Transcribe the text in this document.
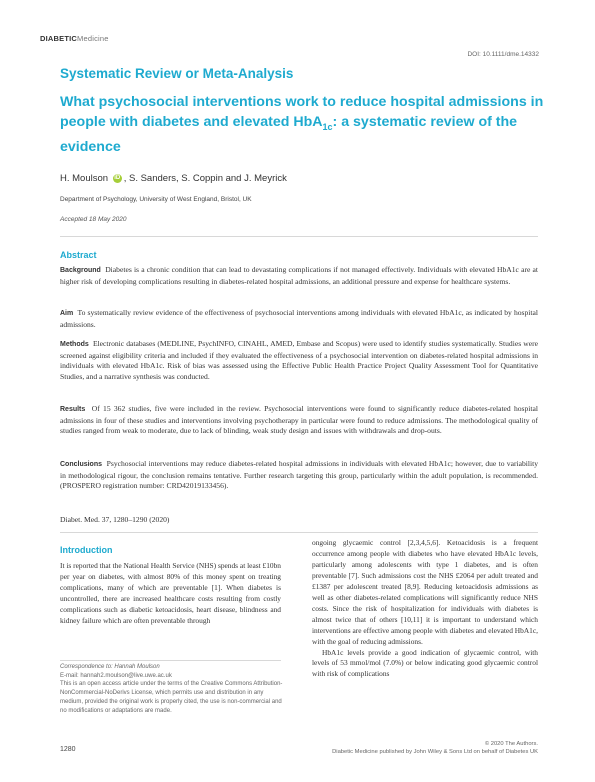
DIABETICMedicine
DOI: 10.1111/dme.14332
Systematic Review or Meta-Analysis
What psychosocial interventions work to reduce hospital admissions in people with diabetes and elevated HbA$_{1c}$: a systematic review of the evidence
H. Moulson iD , S. Sanders, S. Coppin and J. Meyrick
Department of Psychology, University of West England, Bristol, UK
Accepted 18 May 2020
Abstract
Background Diabetes is a chronic condition that can lead to devastating complications if not managed effectively. Individuals with elevated HbA1c are at higher risk of developing complications resulting in diabetes-related hospital admissions, an additional pressure and expense for healthcare systems.
Aim To systematically review evidence of the effectiveness of psychosocial interventions among individuals with elevated HbA1c, as indicated by hospital admissions.
Methods Electronic databases (MEDLINE, PsychINFO, CINAHL, AMED, Embase and Scopus) were used to identify studies systematically. Studies were screened against eligibility criteria and included if they evaluated the effectiveness of a psychosocial intervention on diabetes-related hospital admissions in individuals with elevated HbA1c. Risk of bias was assessed using the Effective Public Health Practice Project Quality Assessment Tool for Quantitative Studies, and a narrative synthesis was conducted.
Results Of 15 362 studies, five were included in the review. Psychosocial interventions were found to significantly reduce diabetes-related hospital admissions in four of these studies and interventions involving psychotherapy in particular were found to reduce admissions. The methodological quality of studies ranged from weak to moderate, due to lack of blinding, weak study design and issues with withdrawals and drop-outs.
Conclusions Psychosocial interventions may reduce diabetes-related hospital admissions in individuals with elevated HbA1c; however, due to variability in methodological rigour, the conclusion remains tentative. Further research targeting this group, particularly within the adult population, is recommended. (PROSPERO registration number: CRD42019133456).
Diabet. Med. 37, 1280–1290 (2020)
Introduction
It is reported that the National Health Service (NHS) spends at least £10bn per year on diabetes, with almost 80% of this money spent on treating complications, many of which are preventable [1]. When diabetes is uncontrolled, there are increased healthcare costs resulting from costly complications such as diabetic ketoacidosis, heart disease, blindness and kidney failure which are often preventable through
ongoing glycaemic control [2,3,4,5,6]. Ketoacidosis is a frequent occurrence among people with diabetes who have elevated HbA1c levels, particularly among adolescents with type 1 diabetes, and is often preventable [7]. Such admissions cost the NHS £2064 per adult treated and £1387 per adolescent treated [8,9]. Reducing ketoacidosis admissions as well as other diabetes-related complications will significantly reduce NHS costs. Since the risk of hospitalization for individuals with diabetes is almost twice that of others [10,11] it is important to understand which interventions are effective among people with diabetes and elevated HbA1c, with the goal of reducing admissions.
HbA1c levels provide a good indication of glycaemic control, with levels of 53 mmol/mol (7.0%) or below indicating good glycaemic control with risk of complications
Correspondence to: Hannah Moulson
E-mail: hannah2.moulson@live.uwe.ac.uk
This is an open access article under the terms of the Creative Commons Attribution-NonCommercial-NoDerivs License, which permits use and distribution in any medium, provided the original work is properly cited, the use is non-commercial and no modifications or adaptations are made.
1280
© 2020 The Authors.
Diabetic Medicine published by John Wiley & Sons Ltd on behalf of Diabetes UK
